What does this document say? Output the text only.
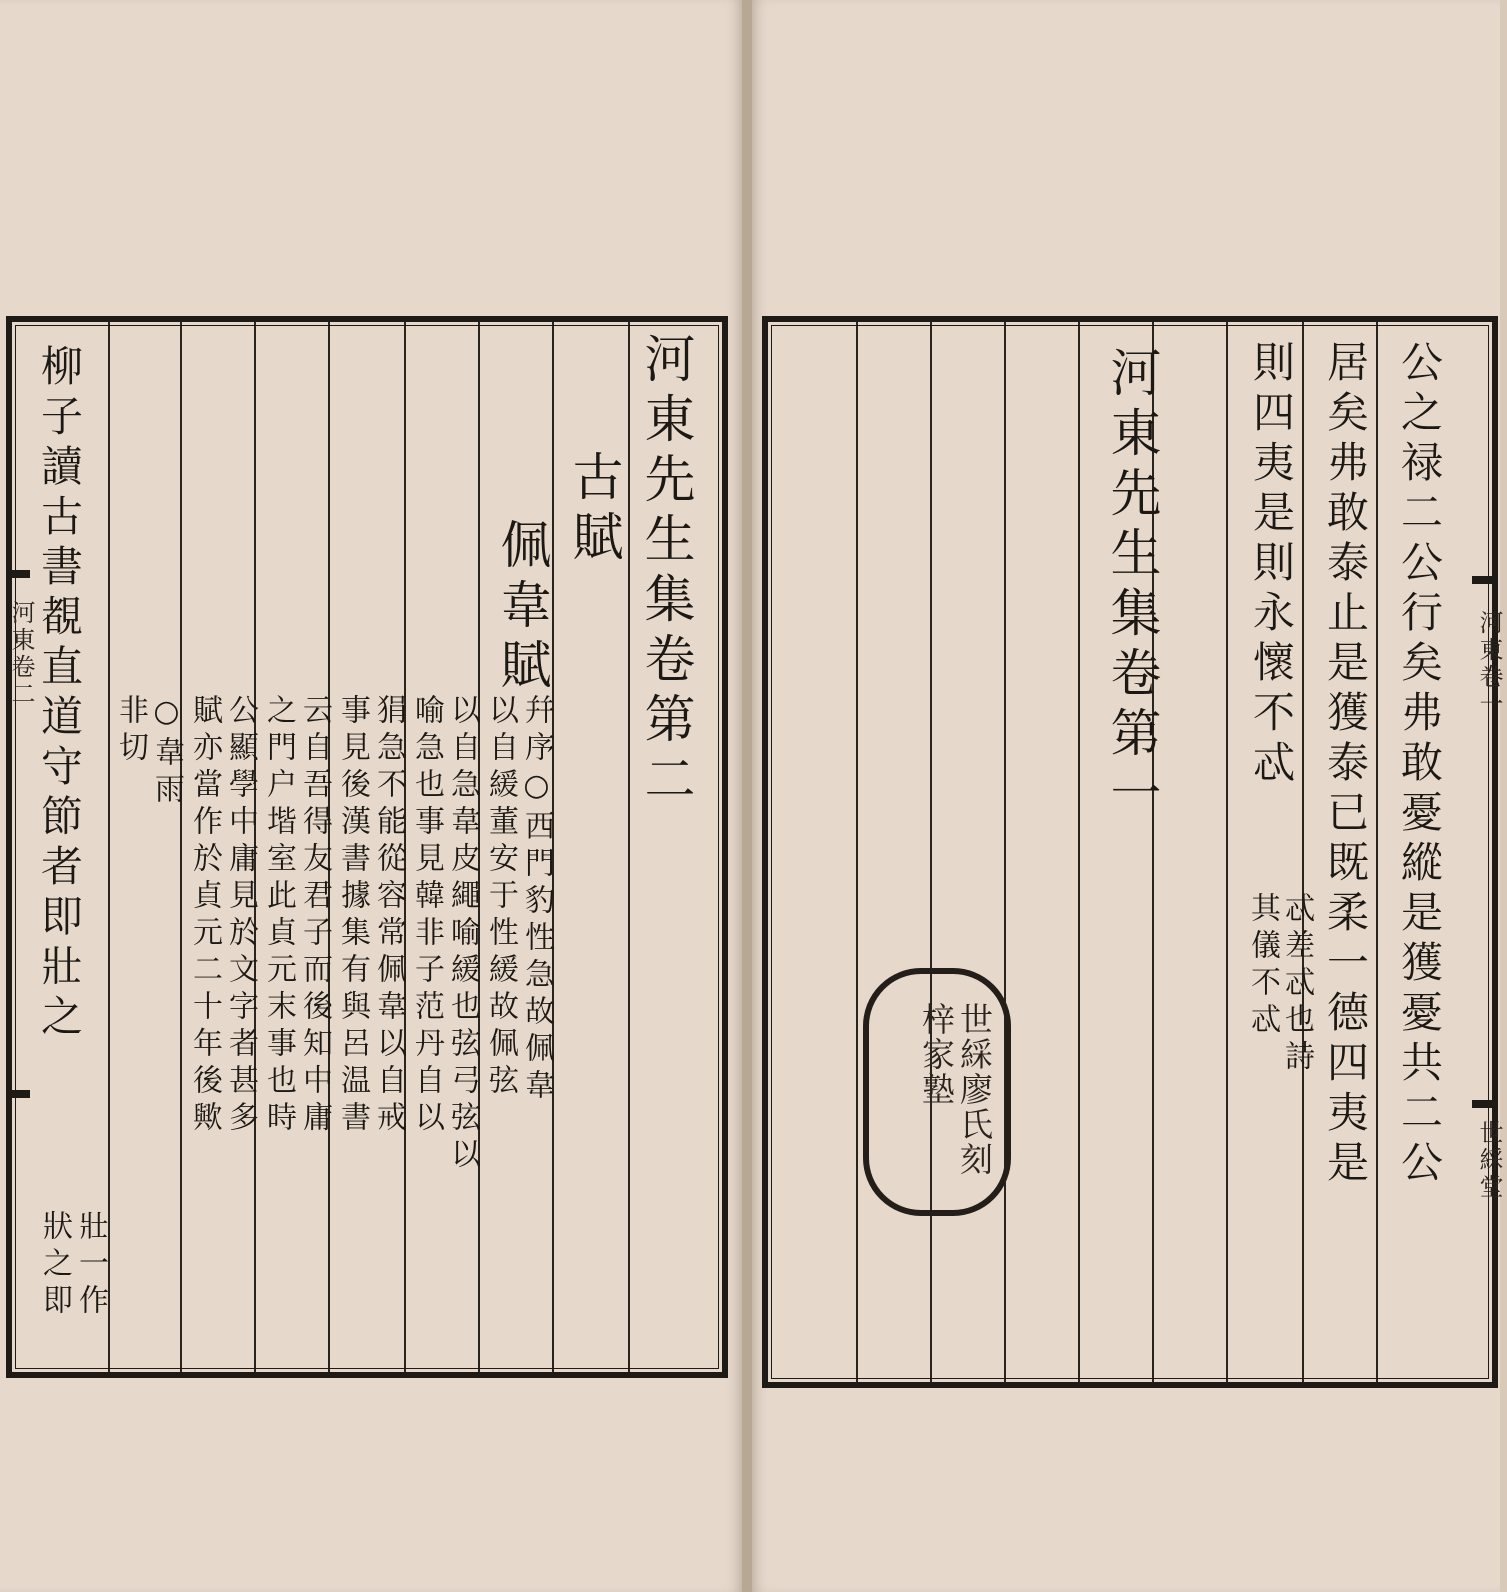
河東卷二	河東先生集卷第二
古賦
佩韋賦
幷序○西門豹性急故佩韋
以自緩董安于性緩故佩弦
以自急韋皮繩喻緩也弦弓弦以
喻急也事見韓非子范丹自以
狷急不能從容常佩韋以自戒
事見後漢書據集有與呂温書
云自吾得友君子而後知中庸
之門户堦室此貞元末事也時
公顯學中庸見於文字者甚多
賦亦當作於貞元二十年後歟
○韋雨
非切
柳子讀古書覩直道守節者即壯之
壯一作
狀之即
河東卷一
世綵堂
公之禄二公行矣弗敢憂縱是獲憂共二公
居矣弗敢泰止是獲泰已既柔一德四夷是
則四夷是則永懷不忒
忒差忒也詩
其儀不忒
河東先生集卷第一
世綵廖氏刻梓家塾
